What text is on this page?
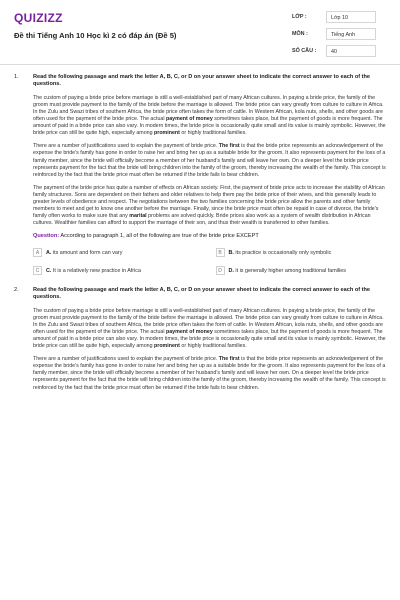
QUIZIZZ
Đề thi Tiếng Anh 10 Học kì 2 có đáp án (Đề 5)
LỚP :	Lớp 10
MÔN :	Tiếng Anh
SỐ CÂU :	40
1.	Read the following passage and mark the letter A, B, C, or D on your answer sheet to indicate the correct answer to each of the questions.

The custom of paying a bride price before marriage is still a well-established part of many African cultures. In paying a bride price, the family of the groom must provide payment to the family of the bride before the marriage is allowed. The bride price can vary greatly from culture to culture in Africa. In the Zulu and Swazi tribes of southern Africa, the bride price often takes the form of cattle. In Western African, kola nuts, shells, and other goods are often used for the payment of the bride price. The actual payment of money sometimes takes place, but the payment of goods is more frequent. The amount of paid in a bride price can also vary. In modern times, the bride price is occasionally quite small and its value is mainly symbolic. However, the bride price can still be quite high, especially among prominent or highly traditional families.

There are a number of justifications used to explain the payment of bride price. The first is that the bride price represents an acknowledgement of the expense the bride's family has gone in order to raise her and bring her up as a suitable bride for the groom. It also represents payment for the loss of a family member, since the bride will officially become a member of her husband's family and will leave her own. On a deeper level the bride price represents payment for the fact that the bride will bring children into the family of the groom, thereby increasing the wealth of the family. This concept is reinforced by the fact that the bride price must often be returned if the bride fails to bear children.

The payment of the bride price has quite a number of effects on African society. First, the payment of bride price acts to increase the stability of African family structures. Sons are dependent on their fathers and older relatives to help them pay the bride price of their wives, and this generally leads to greater levels of obedience and respect. The negotiations between the two families concerning the bride price allow the parents and other family members to meet and get to know one another before the marriage. Finally, since the bride price must often be repaid in case of divorce, the bride's family often works to make sure that any marital problems are solved quickly. Bride prices also work as a system of wealth distribution in African cultures. Wealthier families can afford to support the marriage of their son, and thus their wealth is transferred to other families.

Question: According to paragraph 1, all of the following are true of the bride price EXCEPT
A	A. its amount and form can vary	B	B. its practice is occasionally only symbolic
C	C. It is a relatively new practice in Africa	D	D. it is generally higher among traditional families
2.	Read the following passage and mark the letter A, B, C, or D on your answer sheet to indicate the correct answer to each of the questions.

The custom of paying a bride price before marriage is still a well-established part of many African cultures. In paying a bride price, the family of the groom must provide payment to the family of the bride before the marriage is allowed. The bride price can vary greatly from culture to culture in Africa. In the Zulu and Swazi tribes of southern Africa, the bride price often takes the form of cattle. In Western African, kola nuts, shells, and other goods are often used for the payment of the bride price. The actual payment of money sometimes takes place, but the payment of goods is more frequent. The amount of paid in a bride price can also vary. In modern times, the bride price is occasionally quite small and its value is mainly symbolic. However, the bride price can still be quite high, especially among prominent or highly traditional families.

There are a number of justifications used to explain the payment of bride price. The first is that the bride price represents an acknowledgement of the expense the bride's family has gone in order to raise her and bring her up as a suitable bride for the groom. It also represents payment for the loss of a family member, since the bride will officially become a member of her husband's family and will leave her own. On a deeper level the bride price represents payment for the fact that the bride will bring children into the family of the groom, thereby increasing the wealth of the family. This concept is reinforced by the fact that the bride price must often be returned if the bride fails to bear children.
